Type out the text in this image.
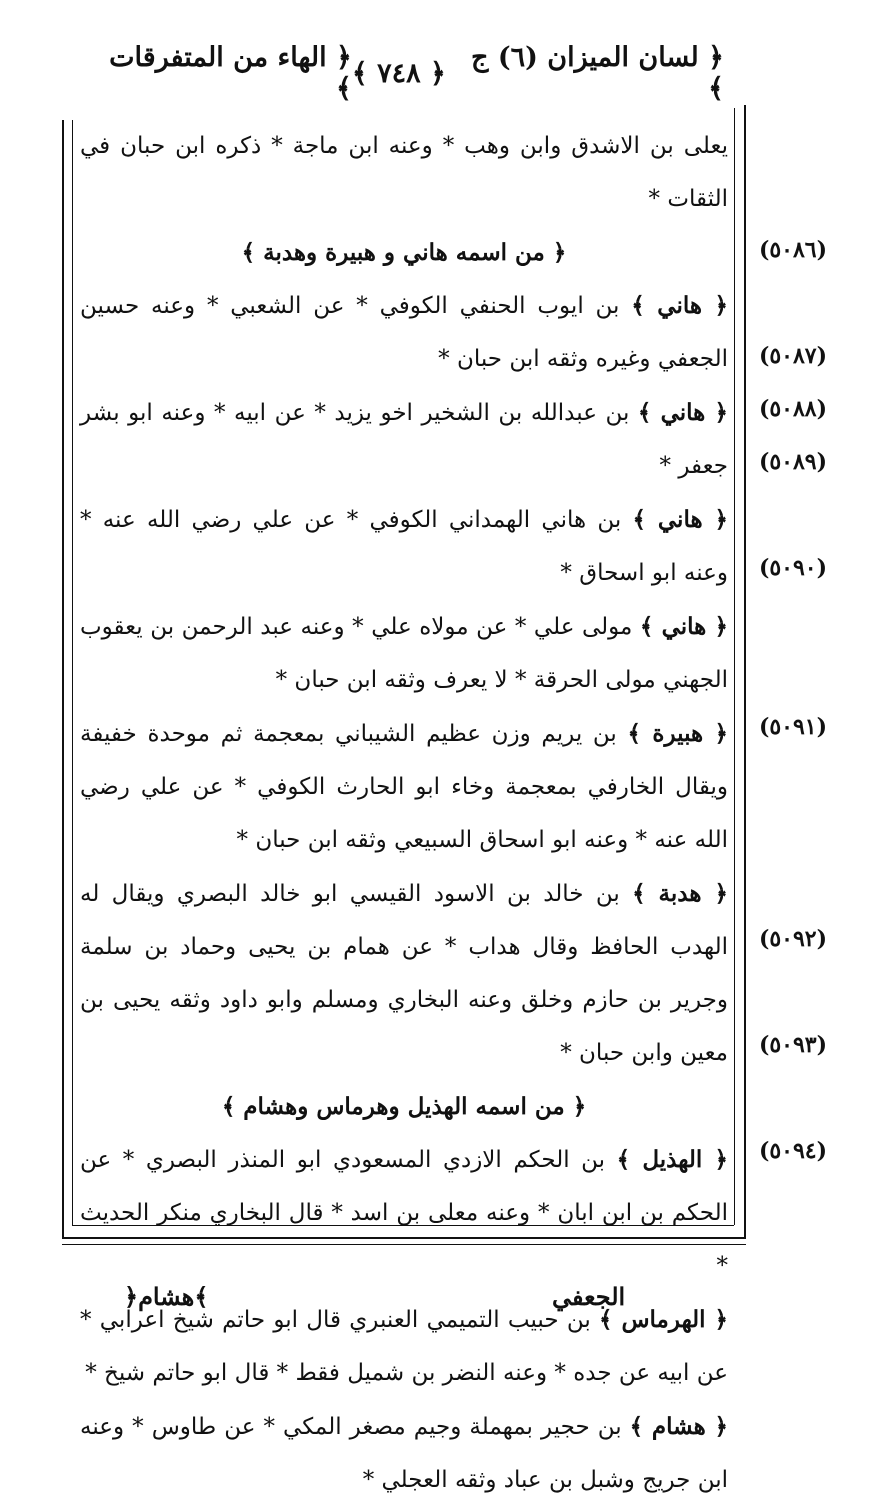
﴿ لسان الميزان (٦) ج ﴾
﴿ ٧٤٨ ﴾
﴿ الهاء من المتفرقات ﴾

يعلى بن الاشدق وابن وهب * وعنه ابن ماجة * ذكره ابن حبان في الثقات *

﴿ من اسمه هاني و هبيرة وهدبة ﴾

﴿ هاني ﴾ بن ايوب الحنفي الكوفي * عن الشعبي * وعنه حسين الجعفي وغيره وثقه ابن حبان *

﴿ هاني ﴾ بن عبدالله بن الشخير اخو يزيد * عن ابيه * وعنه ابو بشر جعفر *

﴿ هاني ﴾ بن هاني الهمداني الكوفي * عن علي رضي الله عنه * وعنه ابو اسحاق *

﴿ هاني ﴾ مولى علي * عن مولاه علي * وعنه عبد الرحمن بن يعقوب الجهني مولى الحرقة * لا يعرف وثقه ابن حبان *

﴿ هبيرة ﴾ بن يريم وزن عظيم الشيباني بمعجمة ثم موحدة خفيفة ويقال الخارفي بمعجمة وخاء ابو الحارث الكوفي * عن علي رضي الله عنه * وعنه ابو اسحاق السبيعي وثقه ابن حبان *

﴿ هدبة ﴾ بن خالد بن الاسود القيسي ابو خالد البصري ويقال له الهدب الحافظ وقال هداب * عن همام بن يحيى وحماد بن سلمة وجرير بن حازم وخلق وعنه البخاري ومسلم وابو داود وثقه يحيى بن معين وابن حبان *

﴿ من اسمه الهذيل وهرماس وهشام ﴾

﴿ الهذيل ﴾ بن الحكم الازدي المسعودي ابو المنذر البصري * عن الحكم بن ابن ابان * وعنه معلى بن اسد * قال البخاري منكر الحديث *

﴿ الهرماس ﴾ بن حبيب التميمي العنبري قال ابو حاتم شيخ اعرابي * عن ابيه عن جده * وعنه النضر بن شميل فقط * قال ابو حاتم شيخ *

﴿ هشام ﴾ بن حجير بمهملة وجيم مصغر المكي * عن طاوس * وعنه ابن جريج وشبل بن عباد وثقه العجلي *

(٥٠٨٦)
(٥٠٨٧)
(٥٠٨٨)
(٥٠٨٩)
(٥٠٩٠)
(٥٠٩١)
(٥٠٩٢)
(٥٠٩٣)
(٥٠٩٤)
﴿هشام﴾	الجعفي
